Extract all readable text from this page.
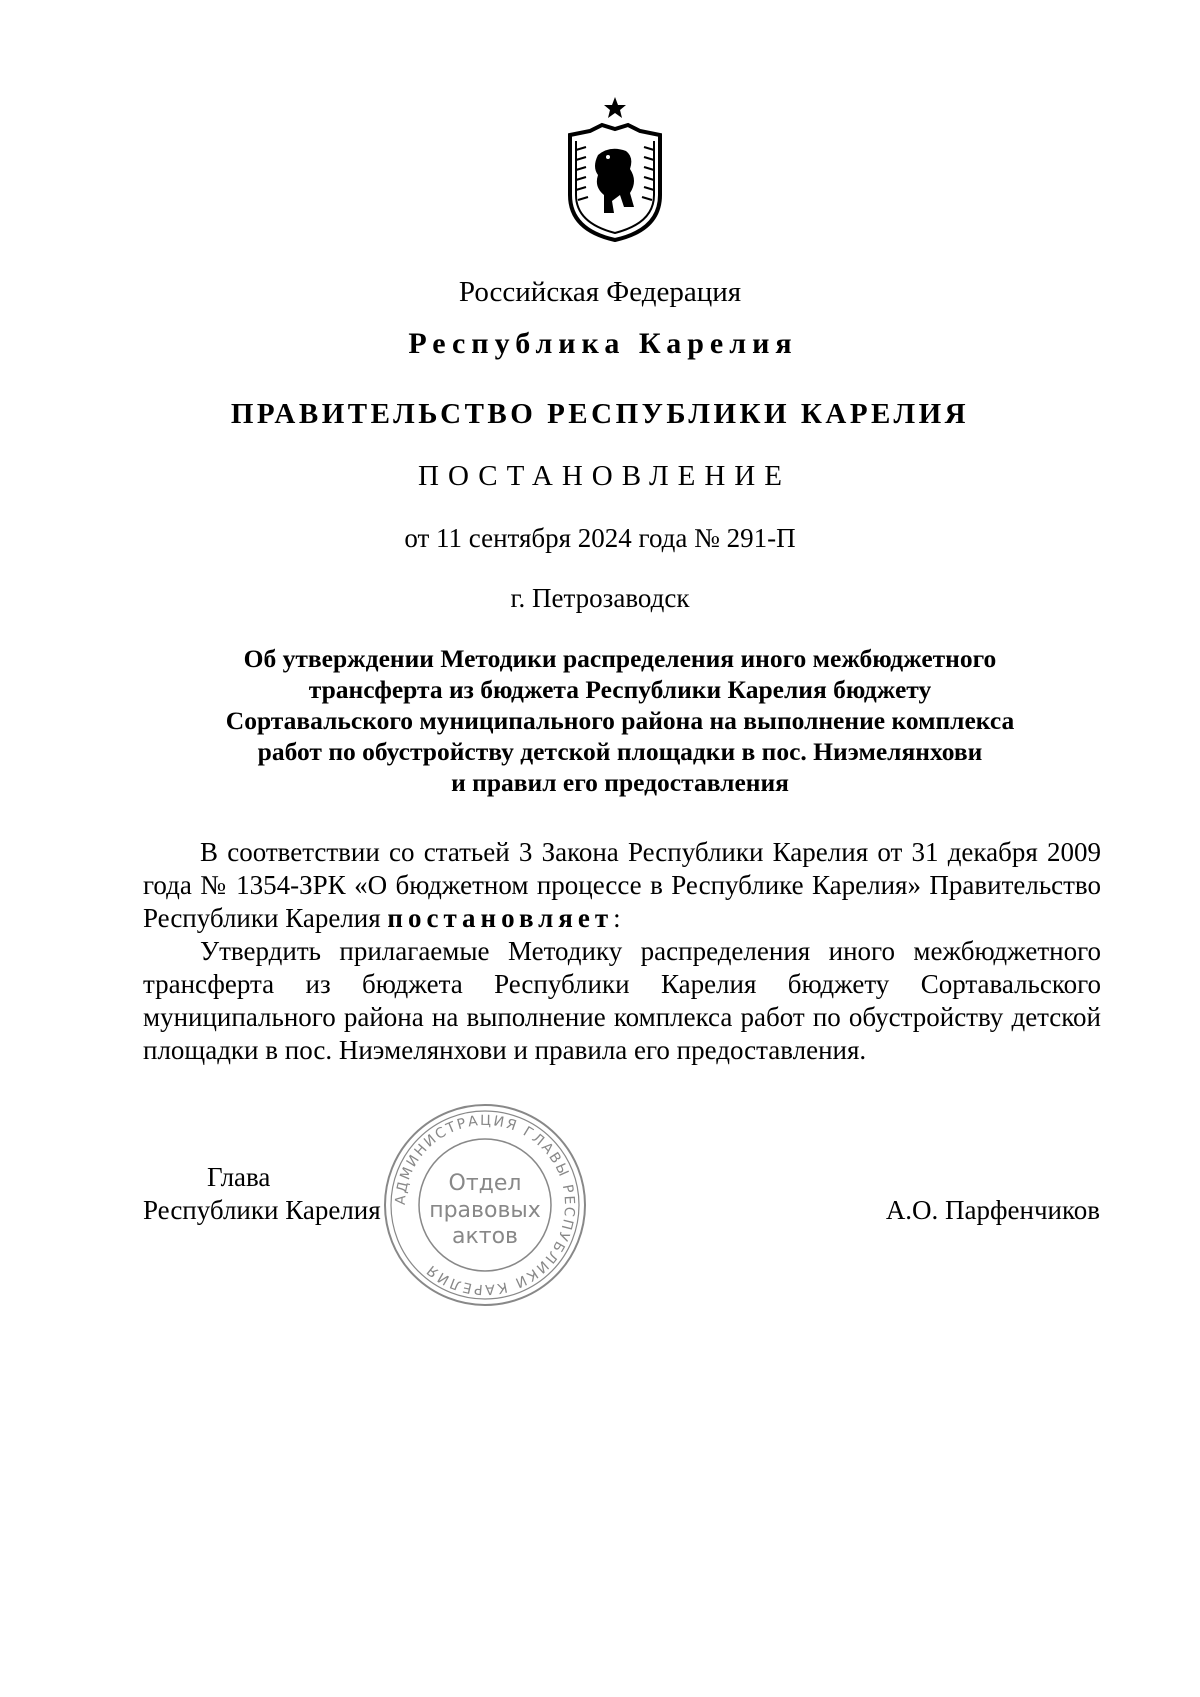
Российская Федерация
Республика Карелия
ПРАВИТЕЛЬСТВО РЕСПУБЛИКИ КАРЕЛИЯ
ПОСТАНОВЛЕНИЕ
от 11 сентября 2024 года № 291-П
г. Петрозаводск
Об утверждении Методики распределения иного межбюджетного
трансферта из бюджета Республики Карелия бюджету
Сортавальского муниципального района на выполнение комплекса
работ по обустройству детской площадки в пос. Ниэмелянхови
и правил его предоставления

В соответствии со статьей 3 Закона Республики Карелия от 31 декабря 2009 года № 1354-ЗРК «О бюджетном процессе в Республике Карелия» Правительство Республики Карелия постановляет:

Утвердить прилагаемые Методику распределения иного межбюджетного трансферта из бюджета Республики Карелия бюджету Сортавальского муниципального района на выполнение комплекса работ по обустройству детской площадки в пос. Ниэмелянхови и правила его предоставления.

Глава
Республики Карелия	А.О. Парфенчиков
АДМИНИСТРАЦИЯ ГЛАВЫ РЕСПУБЛИКИ КАРЕЛИЯ
Отдел
правовых
актов
